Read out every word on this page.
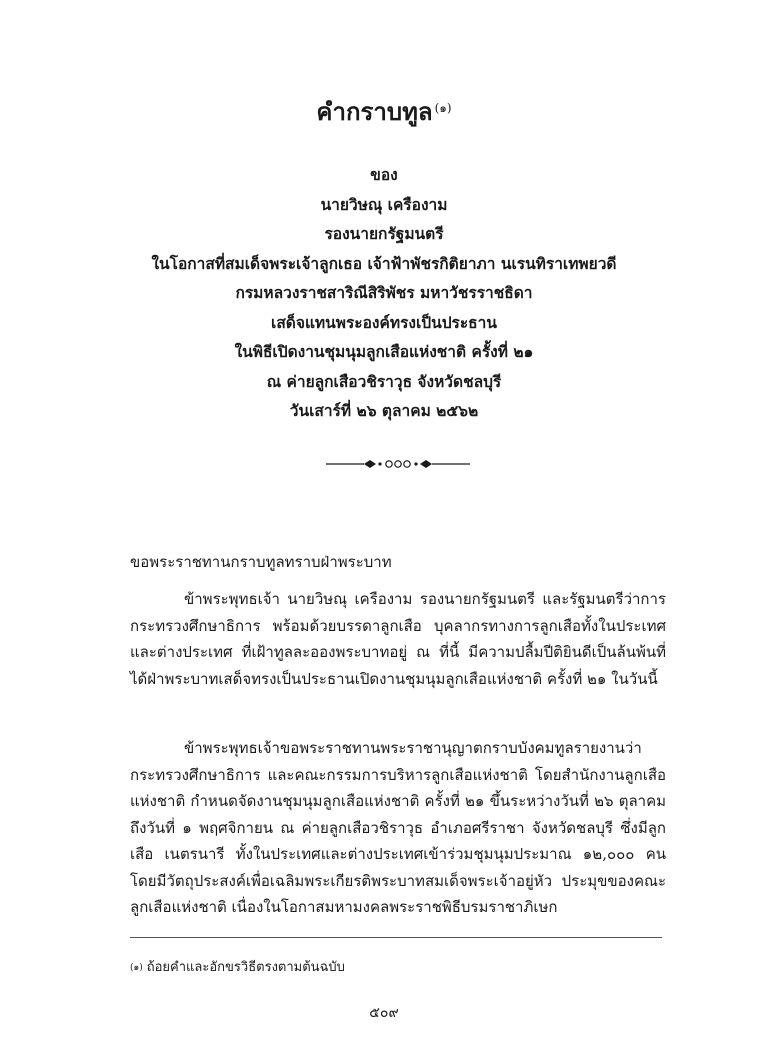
คำกราบทูล $^{(๑)}$
ของ
นายวิษณุ เครืองาม
รองนายกรัฐมนตรี
ในโอกาสที่สมเด็จพระเจ้าลูกเธอ เจ้าฟ้าพัชรกิติยาภา นเรนทิราเทพยวดี
กรมหลวงราชสาริณีสิริพัชร มหาวัชรราชธิดา
เสด็จแทนพระองค์ทรงเป็นประธาน
ในพิธีเปิดงานชุมนุมลูกเสือแห่งชาติ ครั้งที่ ๒๑
ณ ค่ายลูกเสือวชิราวุธ จังหวัดชลบุรี
วันเสาร์ที่ ๒๖ ตุลาคม ๒๕๖๒
ขอพระราชทานกราบทูลทราบฝ่าพระบาท

ข้าพระพุทธเจ้า นายวิษณุ เครืองาม รองนายกรัฐมนตรี และรัฐมนตรีว่าการกระทรวงศึกษาธิการ พร้อมด้วยบรรดาลูกเสือ บุคลากรทางการลูกเสือทั้งในประเทศและต่างประเทศ ที่เฝ้าทูลละอองพระบาทอยู่ ณ ที่นี้ มีความปลื้มปีติยินดีเป็นล้นพ้นที่ได้ฝ่าพระบาทเสด็จทรงเป็นประธานเปิดงานชุมนุมลูกเสือแห่งชาติ ครั้งที่ ๒๑ ในวันนี้

ข้าพระพุทธเจ้าขอพระราชทานพระราชานุญาตกราบบังคมทูลรายงานว่า กระทรวงศึกษาธิการ และคณะกรรมการบริหารลูกเสือแห่งชาติ โดยสำนักงานลูกเสือแห่งชาติ กำหนดจัดงานชุมนุมลูกเสือแห่งชาติ ครั้งที่ ๒๑ ขึ้นระหว่างวันที่ ๒๖ ตุลาคม ถึงวันที่ ๑ พฤศจิกายน ณ ค่ายลูกเสือวชิราวุธ อำเภอศรีราชา จังหวัดชลบุรี ซึ่งมีลูกเสือ เนตรนารี ทั้งในประเทศและต่างประเทศเข้าร่วมชุมนุมประมาณ ๑๒,๐๐๐ คน โดยมีวัตถุประสงค์เพื่อเฉลิมพระเกียรติพระบาทสมเด็จพระเจ้าอยู่หัว ประมุขของคณะลูกเสือแห่งชาติ เนื่องในโอกาสมหามงคลพระราชพิธีบรมราชาภิเษก

$^{(๑)}$ ถ้อยคำและอักขรวิธีตรงตามต้นฉบับ
๕๐๙
